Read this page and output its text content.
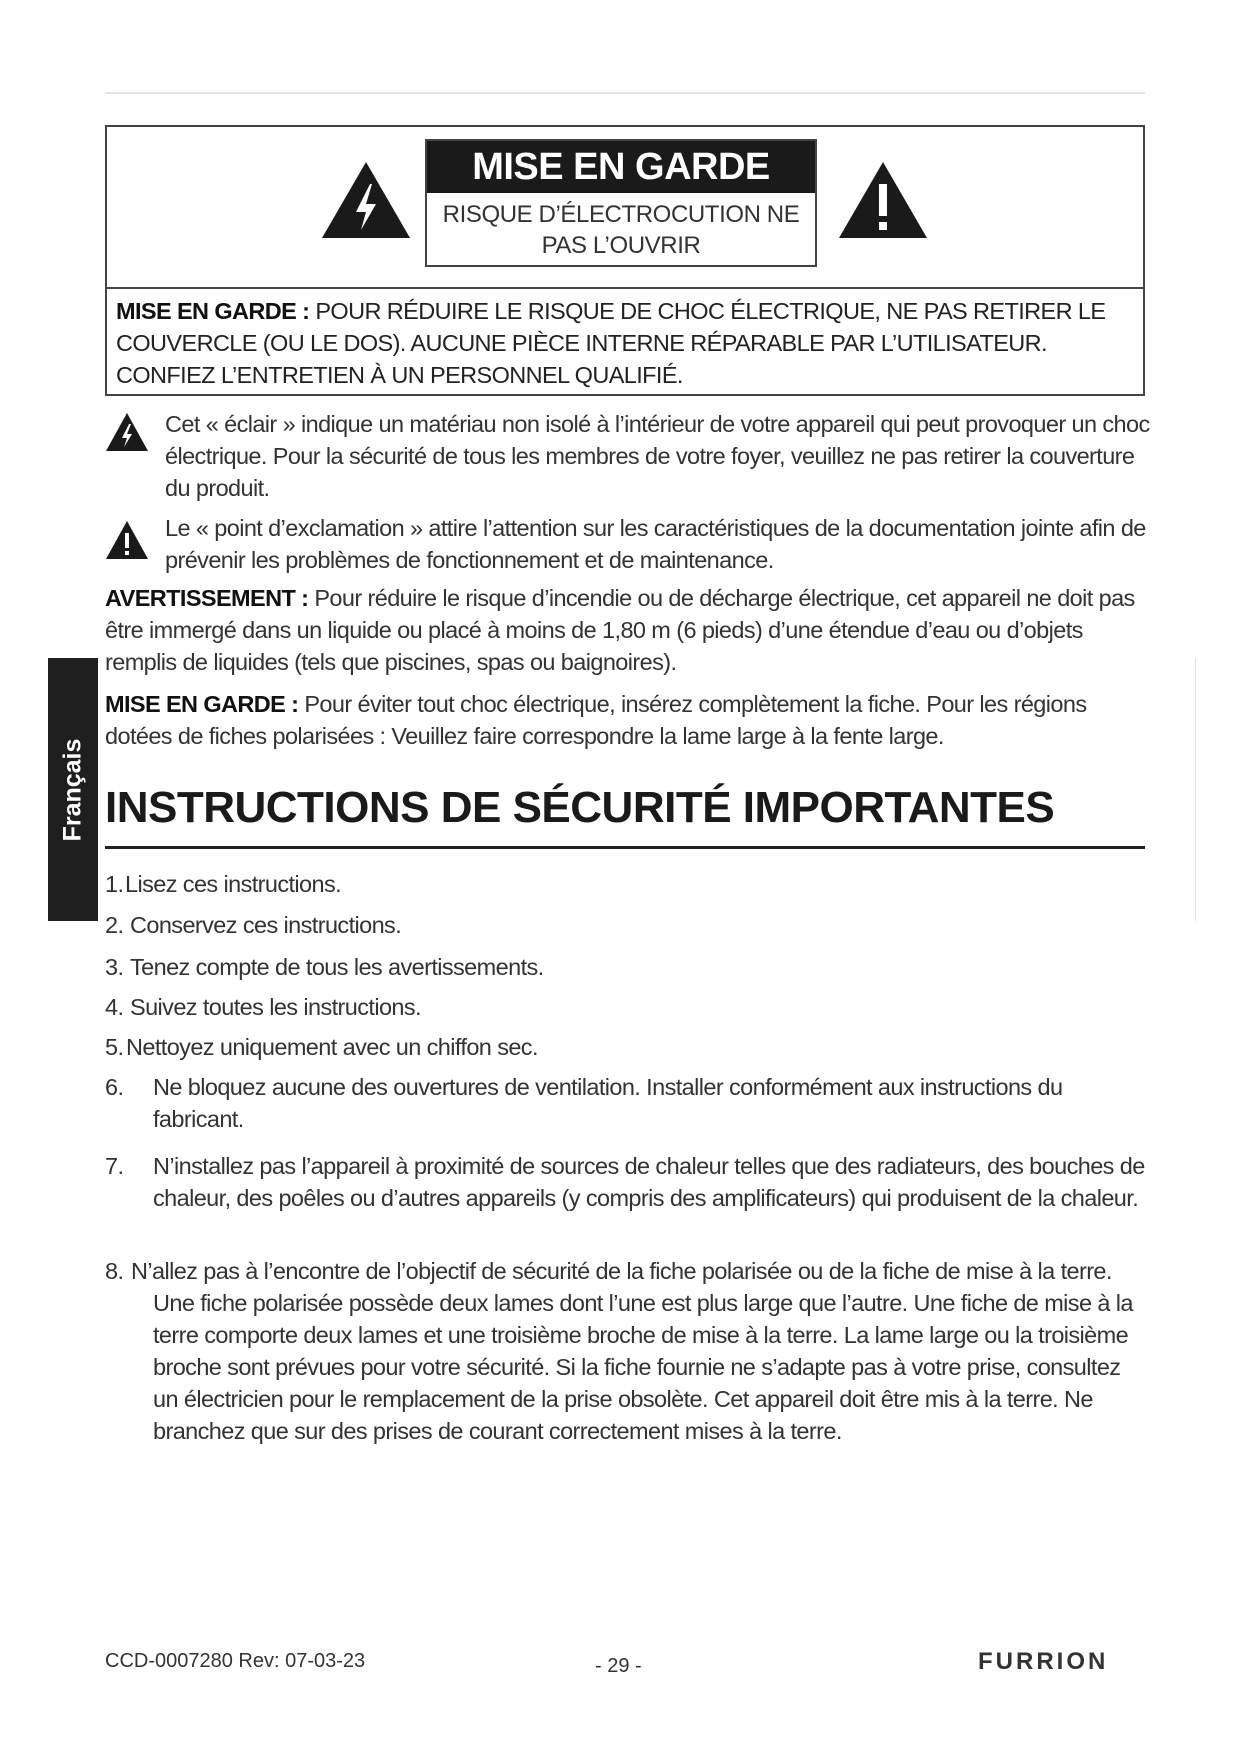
MISE EN GARDE
RISQUE D’ÉLECTROCUTION NE
PAS L’OUVRIR
MISE EN GARDE : POUR RÉDUIRE LE RISQUE DE CHOC ÉLECTRIQUE, NE PAS RETIRER LE COUVERCLE (OU LE DOS). AUCUNE PIÈCE INTERNE RÉPARABLE PAR L’UTILISATEUR. CONFIEZ L’ENTRETIEN À UN PERSONNEL QUALIFIÉ.
Cet « éclair » indique un matériau non isolé à l’intérieur de votre appareil qui peut provoquer un choc électrique. Pour la sécurité de tous les membres de votre foyer, veuillez ne pas retirer la couverture du produit.
Le « point d’exclamation » attire l’attention sur les caractéristiques de la documentation jointe afin de prévenir les problèmes de fonctionnement et de maintenance.
AVERTISSEMENT : Pour réduire le risque d’incendie ou de décharge électrique, cet appareil ne doit pas être immergé dans un liquide ou placé à moins de 1,80 m (6 pieds) d’une étendue d’eau ou d’objets remplis de liquides (tels que piscines, spas ou baignoires).
MISE EN GARDE : Pour éviter tout choc électrique, insérez complètement la fiche. Pour les régions dotées de fiches polarisées : Veuillez faire correspondre la lame large à la fente large.
Français INSTRUCTIONS DE SÉCURITÉ IMPORTANTES
1. Lisez ces instructions.
2. Conservez ces instructions.
3. Tenez compte de tous les avertissements.
4. Suivez toutes les instructions.
5. Nettoyez uniquement avec un chiffon sec.
6.	Ne bloquez aucune des ouvertures de ventilation. Installer conformément aux instructions du fabricant.
7.	N’installez pas l’appareil à proximité de sources de chaleur telles que des radiateurs, des bouches de chaleur, des poêles ou d’autres appareils (y compris des amplificateurs) qui produisent de la chaleur.
8. N’allez pas à l’encontre de l’objectif de sécurité de la fiche polarisée ou de la fiche de mise à la terre. Une fiche polarisée possède deux lames dont l’une est plus large que l’autre. Une fiche de mise à la terre comporte deux lames et une troisième broche de mise à la terre. La lame large ou la troisième broche sont prévues pour votre sécurité. Si la fiche fournie ne s’adapte pas à votre prise, consultez un électricien pour le remplacement de la prise obsolète. Cet appareil doit être mis à la terre. Ne branchez que sur des prises de courant correctement mises à la terre.
CCD-0007280 Rev: 07-03-23	- 29 -	FURRION
